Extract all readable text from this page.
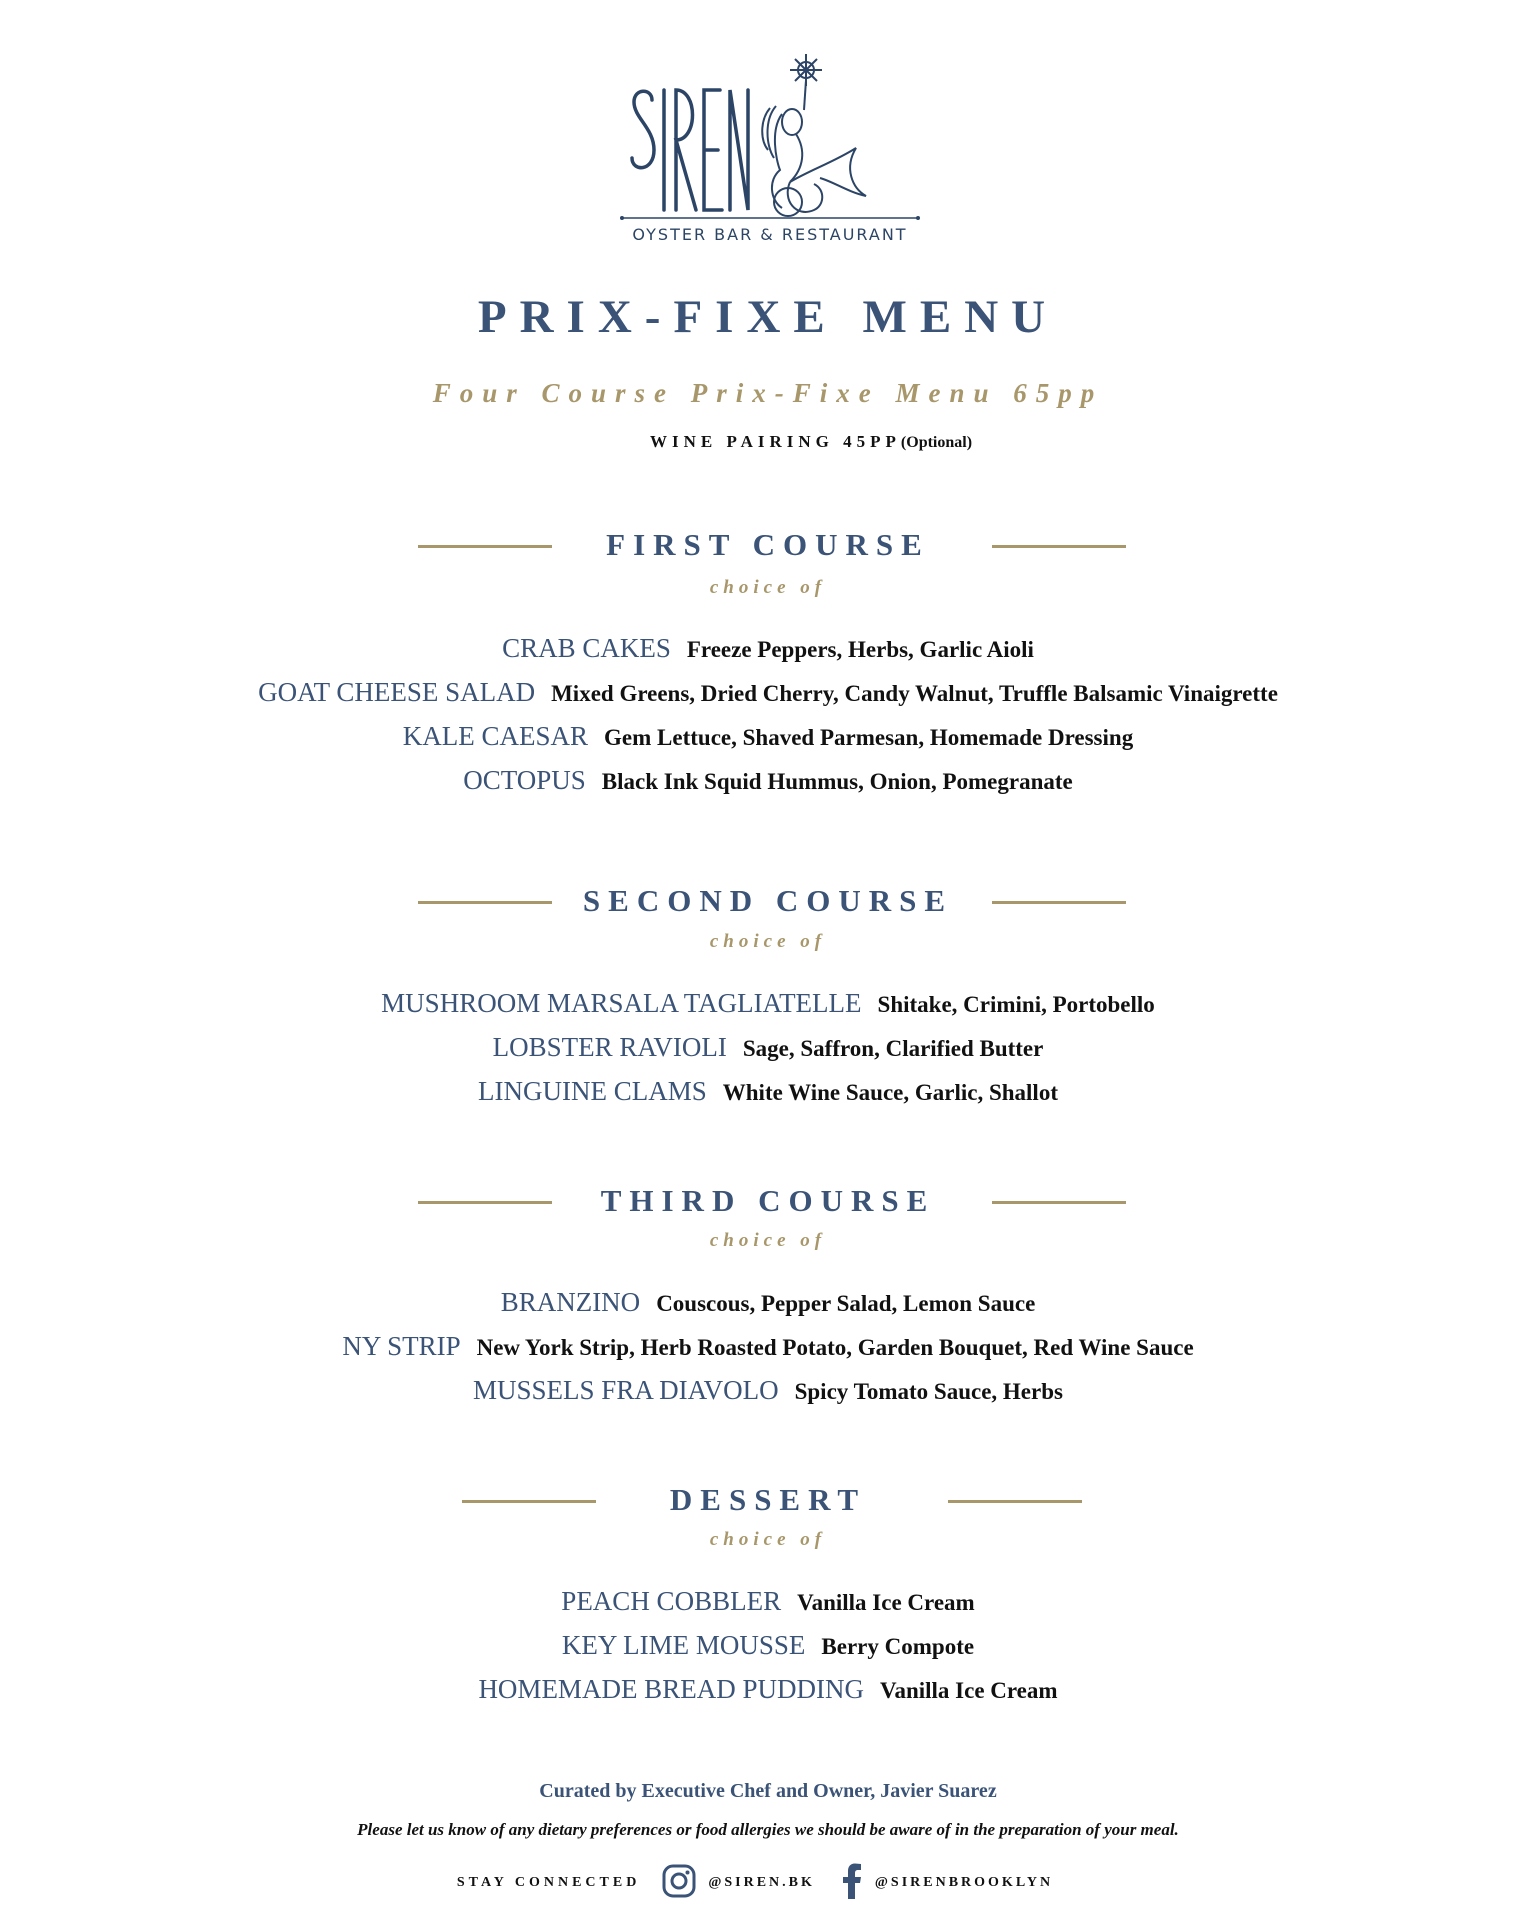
OYSTER BAR & RESTAURANT
PRIX-FIXE MENU
Four Course Prix-Fixe Menu 65pp
WINE PAIRING 45PP(Optional)
FIRST COURSE
choice of
CRAB CAKES Freeze Peppers, Herbs, Garlic Aioli
GOAT CHEESE SALAD Mixed Greens, Dried Cherry, Candy Walnut, Truffle Balsamic Vinaigrette
KALE CAESAR Gem Lettuce, Shaved Parmesan, Homemade Dressing
OCTOPUS Black Ink Squid Hummus, Onion, Pomegranate
SECOND COURSE
choice of
MUSHROOM MARSALA TAGLIATELLE Shitake, Crimini, Portobello
LOBSTER RAVIOLI Sage, Saffron, Clarified Butter
LINGUINE CLAMS White Wine Sauce, Garlic, Shallot
THIRD COURSE
choice of
BRANZINO Couscous, Pepper Salad, Lemon Sauce
NY STRIP New York Strip, Herb Roasted Potato, Garden Bouquet, Red Wine Sauce
MUSSELS FRA DIAVOLO Spicy Tomato Sauce, Herbs
DESSERT
choice of
PEACH COBBLER Vanilla Ice Cream
KEY LIME MOUSSE Berry Compote
HOMEMADE BREAD PUDDING Vanilla Ice Cream
Curated by Executive Chef and Owner, Javier Suarez
Please let us know of any dietary preferences or food allergies we should be aware of in the preparation of your meal.
STAY CONNECTED	@SIREN.BK	@SIRENBROOKLYN
